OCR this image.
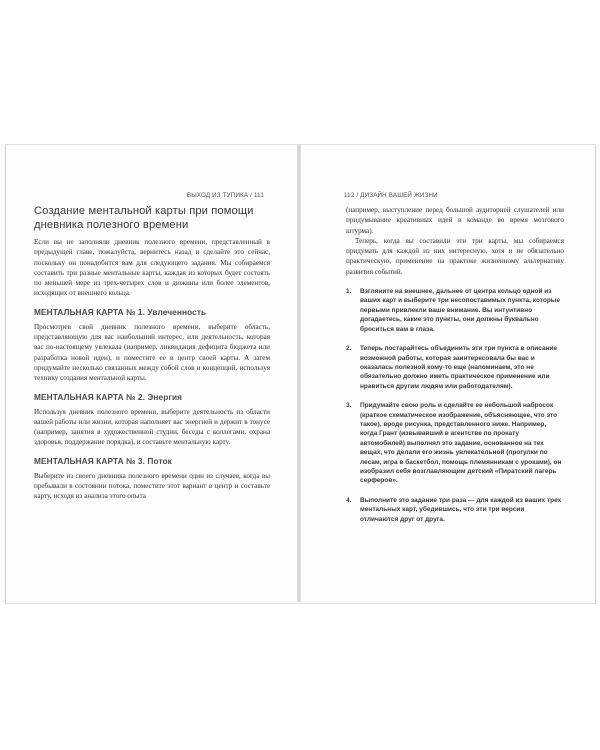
ВЫХОД ИЗ ТУПИКА / 111
Создание ментальной карты при помощи дневника полезного времени

Если вы не заполняли дневник полезного времени, представленный в предыдущей главе, пожалуйста, вернитесь назад и сделайте это сейчас, поскольку он понадобится вам для следующего задания. Мы собираемся составить три разные ментальные карты, каждая из которых будет состоять по меньшей мере из трех-четырех слов и дюжины или более элементов, исходящих от внешнего кольца.

МЕНТАЛЬНАЯ КАРТА № 1. Увлеченность

Просмотрев свой дневник полезного времени, выберите область, представляющую для вас наибольший интерес, или деятельность, которая вас по-настоящему увлекала (например, ликвидация дефицита бюджета или разработка новой идеи), и поместите ее в центр своей карты. А затем придумайте несколько связанных между собой слов и концепций, используя технику создания ментальной карты.

МЕНТАЛЬНАЯ КАРТА № 2. Энергия

Используя дневник полезного времени, выберите деятельность из области вашей работы или жизни, которая наполняет вас энергией и держит в тонусе (например, занятия в художественной студии, беседы с коллегами, охрана здоровья, поддержание порядка), и составьте ментальную карту.

МЕНТАЛЬНАЯ КАРТА № 3. Поток

Выберите из своего дневника полезного времени один из случаев, когда вы пребывали в состоянии потока, поместите этот вариант в центр и составьте карту, исходя из анализа этого опыта

112 / ДИЗАЙН ВАШЕЙ ЖИЗНИ

(например, выступление перед большой аудиторией слушателей или придумывание креативных идей в команде во время мозгового штурма).

Теперь, когда вы составили эти три карты, мы собираемся придумать для каждой из них интересную, хотя и не обязательно практическую, применение на практике жизненному альтернативу развития событий.

1. Взгляните на внешнее, дальнее от центра кольцо одной из ваших карт и выберите три несопоставимых пункта, которые первыми привлекли ваше внимание. Вы интуитивно догадаетесь, какие это пункты, они должны буквально броситься вам в глаза.
2. Теперь постарайтесь объединить эти три пункта в описание возможной работы, которая заинтересовала бы вас и оказалась полезной кому-то еще (напоминаем, это не обязательно должно иметь практическое применение или нравиться другим людям или работодателям).
3. Придумайте свою роль и сделайте ее небольшой набросок (краткое схематическое изображение, объясняющее, что это такое), вроде рисунка, представленного ниже. Например, когда Грант (извывавший в агентстве по прокату автомобилей) выполнял это задание, основанное на тех вещах, что делали его жизнь увлекательной (прогулки по лесам, игра в баскетбол, помощь племянникам с уроками), он изобразил себя возглавляющим детский «Пиратский лагерь серферов».
4. Выполните это задание три раза — для каждой из ваших трех ментальных карт, убедившись, что эти три версии отличаются друг от друга.
